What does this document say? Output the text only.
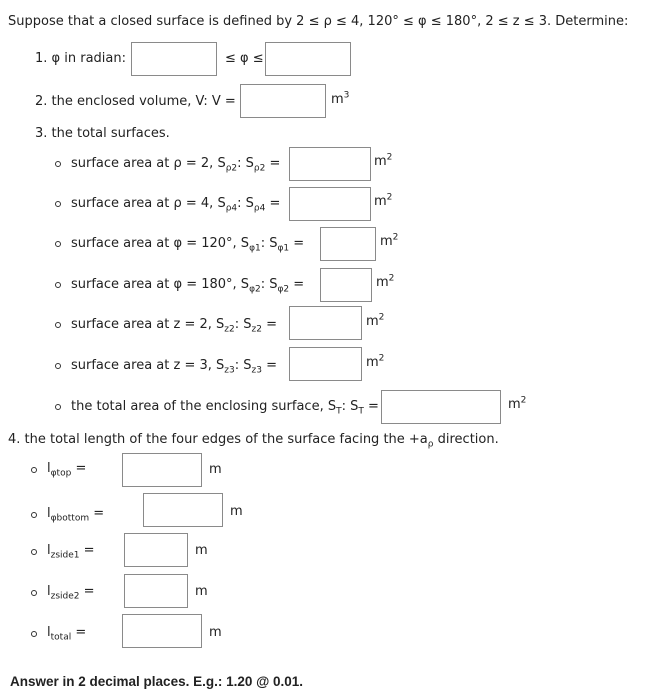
Suppose that a closed surface is defined by 2 ≤ ρ ≤ 4, 120° ≤ φ ≤ 180°, 2 ≤ z ≤ 3. Determine:
1. φ in radian:	≤ φ ≤
2. the enclosed volume, V: V =	$m^3$
3. the total surfaces.
surface area at ρ = 2, $S_{\rho 2}$: $S_{\rho 2}$ =	$m^2$
surface area at ρ = 4, $S_{\rho 4}$: $S_{\rho 4}$ =	$m^2$
surface area at φ = 120°, $S_{\varphi 1}$: $S_{\varphi 1}$ =	$m^2$
surface area at φ = 180°, $S_{\varphi 2}$: $S_{\varphi 2}$ =	$m^2$
surface area at z = 2, $S_{z2}$: $S_{z2}$ =	$m^2$
surface area at z = 3, $S_{z3}$: $S_{z3}$ =	$m^2$
the total area of the enclosing surface, $S_T$: $S_T$ =	$m^2$
4. the total length of the four edges of the surface facing the $+a_\rho$ direction.
$l_{\varphi top}$ =	m
$l_{\varphi bottom}$ =	m
$l_{zside1}$ =	m
$l_{zside2}$ =	m
$l_{total}$ =	m
Answer in 2 decimal places. E.g.: 1.20 @ 0.01.
